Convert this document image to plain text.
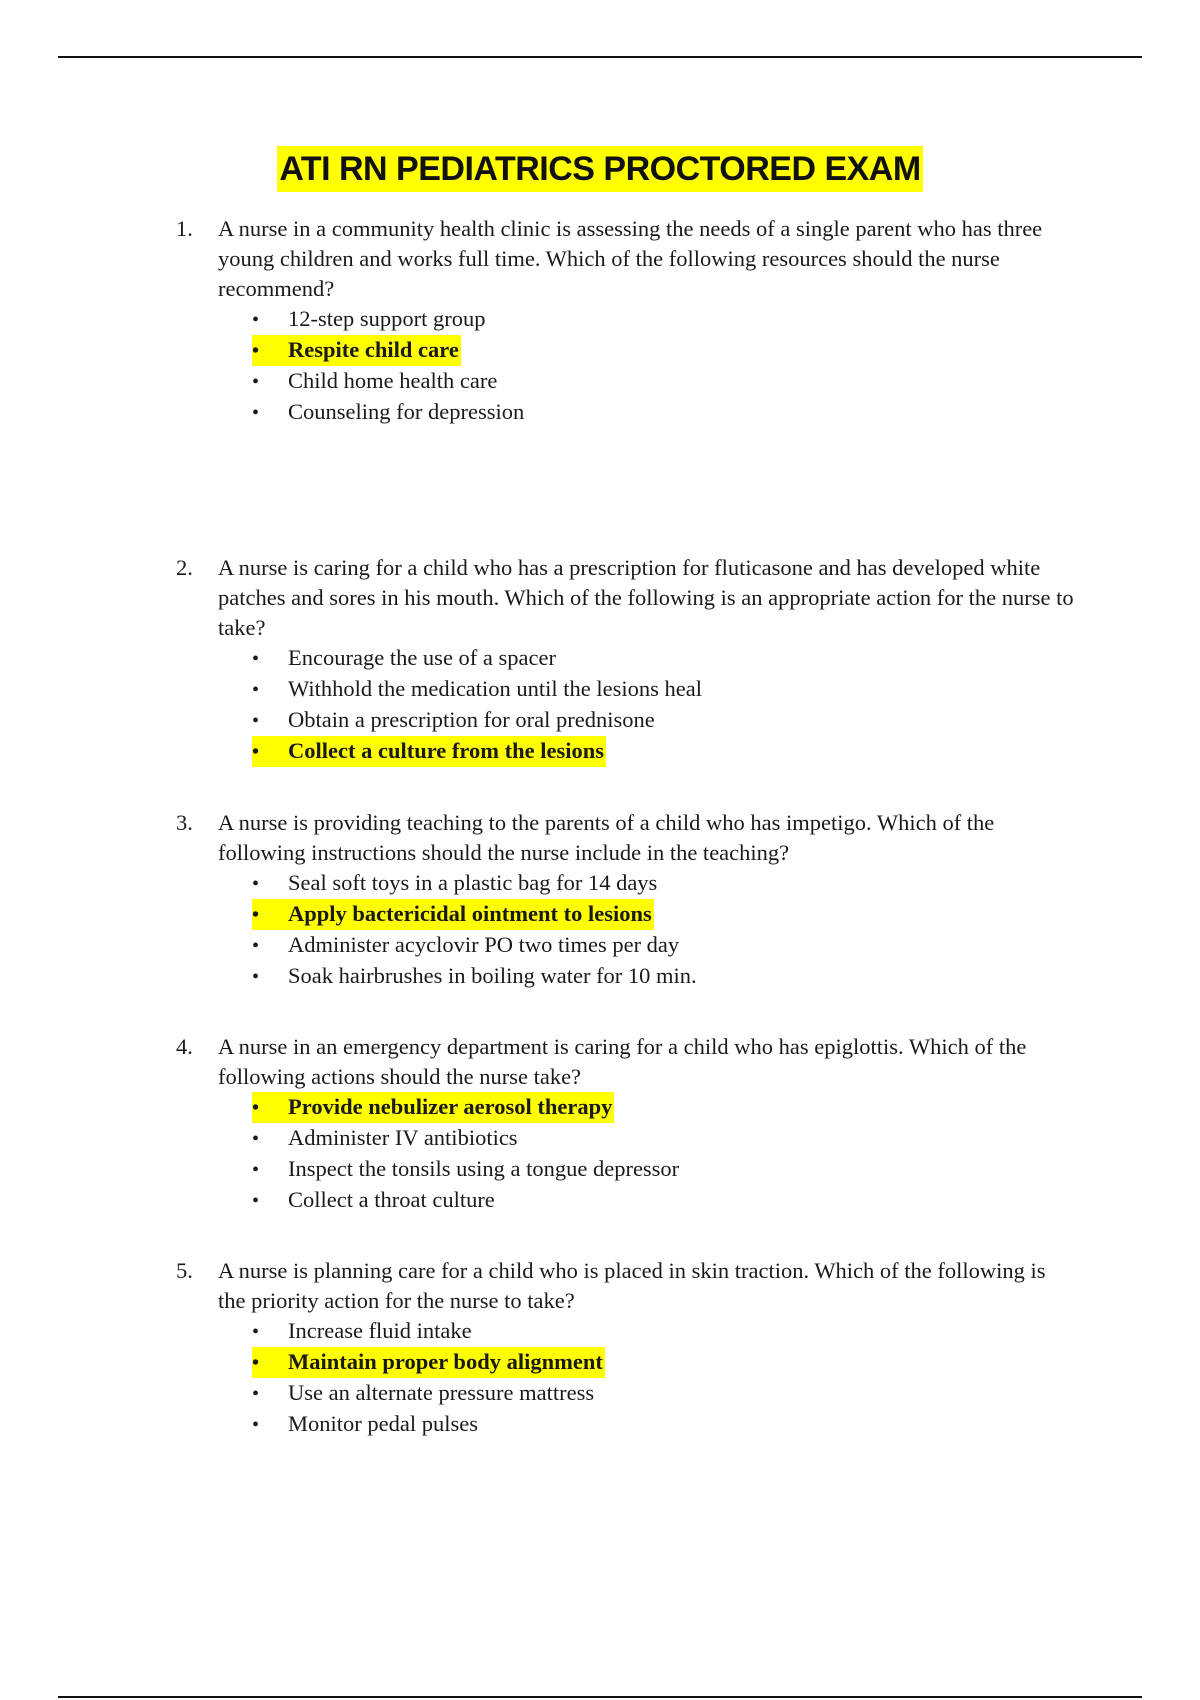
ATI RN PEDIATRICS PROCTORED EXAM
1.	A nurse in a community health clinic is assessing the needs of a single parent who has three young children and works full time. Which of the following resources should the nurse recommend?
•	12-step support group
•	Respite child care
•	Child home health care
•	Counseling for depression
2.	A nurse is caring for a child who has a prescription for fluticasone and has developed white patches and sores in his mouth. Which of the following is an appropriate action for the nurse to take?
•	Encourage the use of a spacer
•	Withhold the medication until the lesions heal
•	Obtain a prescription for oral prednisone
•	Collect a culture from the lesions
3.	A nurse is providing teaching to the parents of a child who has impetigo. Which of the following instructions should the nurse include in the teaching?
•	Seal soft toys in a plastic bag for 14 days
•	Apply bactericidal ointment to lesions
•	Administer acyclovir PO two times per day
•	Soak hairbrushes in boiling water for 10 min.
4.	A nurse in an emergency department is caring for a child who has epiglottis. Which of the following actions should the nurse take?
•	Provide nebulizer aerosol therapy
•	Administer IV antibiotics
•	Inspect the tonsils using a tongue depressor
•	Collect a throat culture
5.	A nurse is planning care for a child who is placed in skin traction. Which of the following is the priority action for the nurse to take?
•	Increase fluid intake
•	Maintain proper body alignment
•	Use an alternate pressure mattress
•	Monitor pedal pulses
